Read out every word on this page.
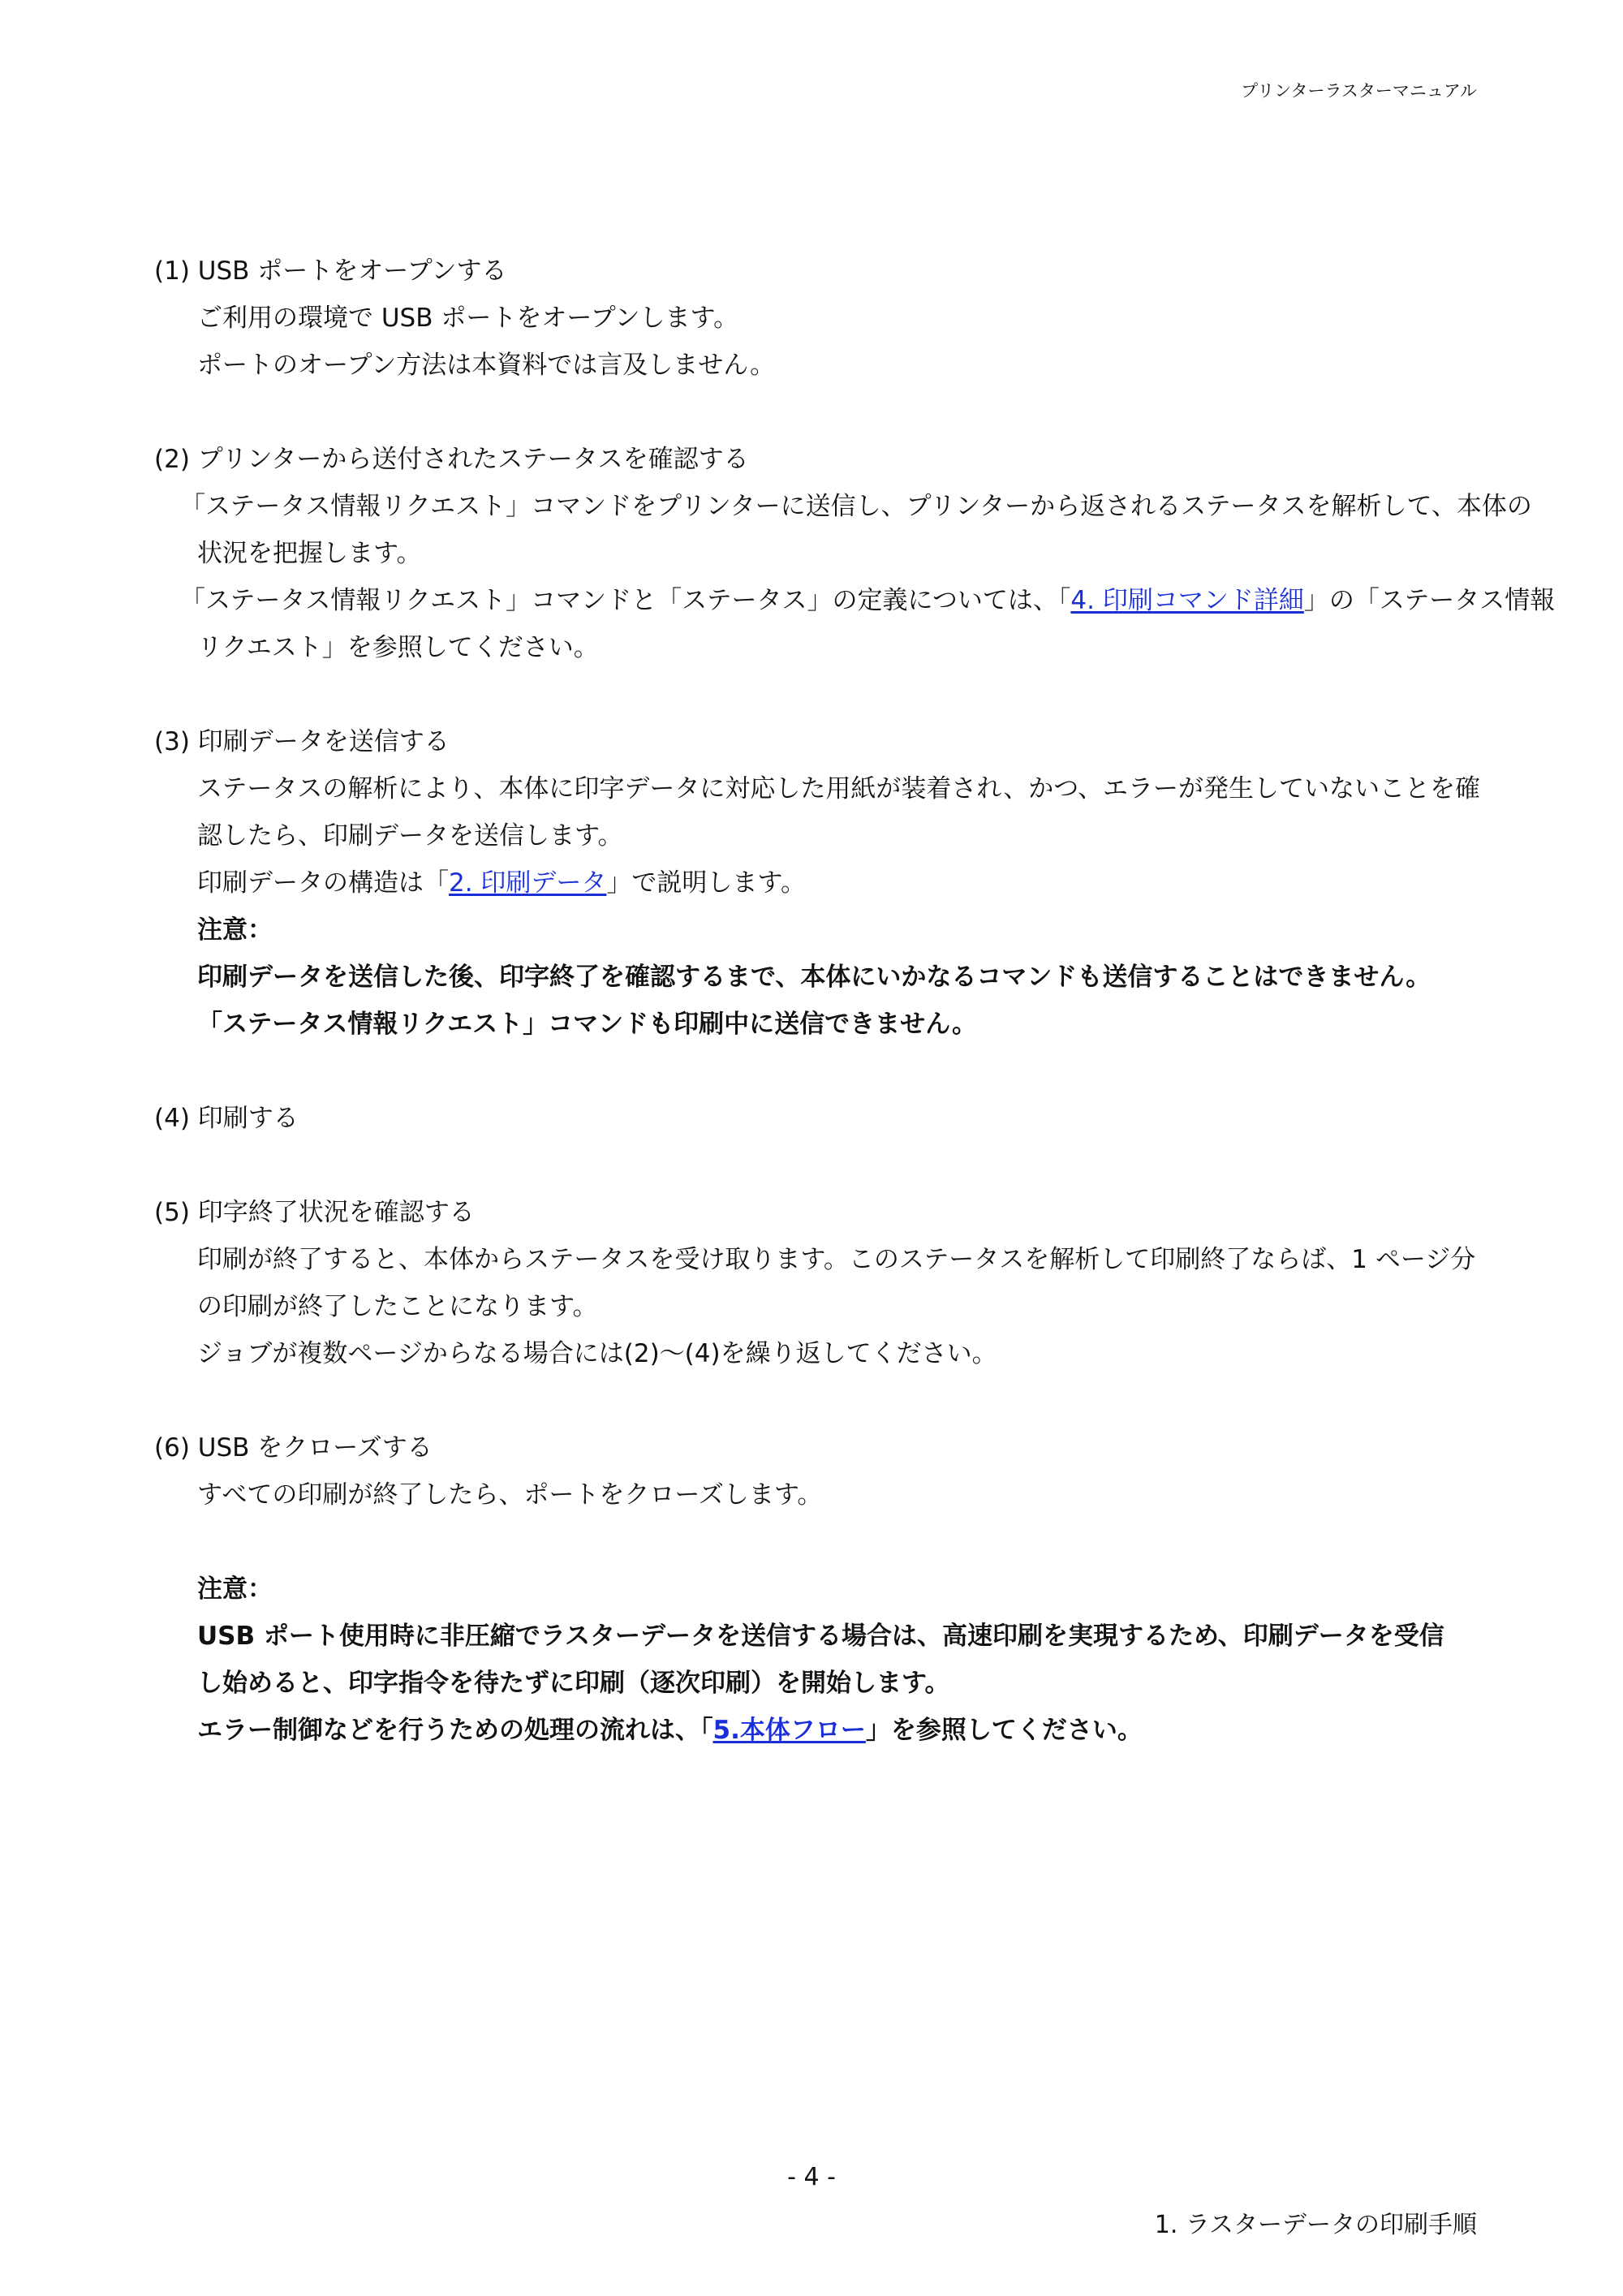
プリンターラスターマニュアル
(1) USB ポートをオープンする
ご利用の環境で USB ポートをオープンします。
ポートのオープン方法は本資料では言及しません。
(2) プリンターから送付されたステータスを確認する
「ステータス情報リクエスト」コマンドをプリンターに送信し、プリンターから返されるステータスを解析して、本体の
状況を把握します。
「ステータス情報リクエスト」コマンドと「ステータス」の定義については、「4. 印刷コマンド詳細」の「ステータス情報
リクエスト」を参照してください。
(3) 印刷データを送信する
ステータスの解析により、本体に印字データに対応した用紙が装着され、かつ、エラーが発生していないことを確
認したら、印刷データを送信します。
印刷データの構造は「2. 印刷データ」で説明します。
注意：
印刷データを送信した後、印字終了を確認するまで、本体にいかなるコマンドも送信することはできません。
「ステータス情報リクエスト」コマンドも印刷中に送信できません。
(4) 印刷する
(5) 印字終了状況を確認する
印刷が終了すると、本体からステータスを受け取ります。このステータスを解析して印刷終了ならば、1 ページ分
の印刷が終了したことになります。
ジョブが複数ページからなる場合には(2)～(4)を繰り返してください。
(6) USB をクローズする
すべての印刷が終了したら、ポートをクローズします。
注意：
USB ポート使用時に非圧縮でラスターデータを送信する場合は、高速印刷を実現するため、印刷データを受信
し始めると、印字指令を待たずに印刷（逐次印刷）を開始します。
エラー制御などを行うための処理の流れは、「5.本体フロー」を参照してください。
- 4 -
1. ラスターデータの印刷手順
